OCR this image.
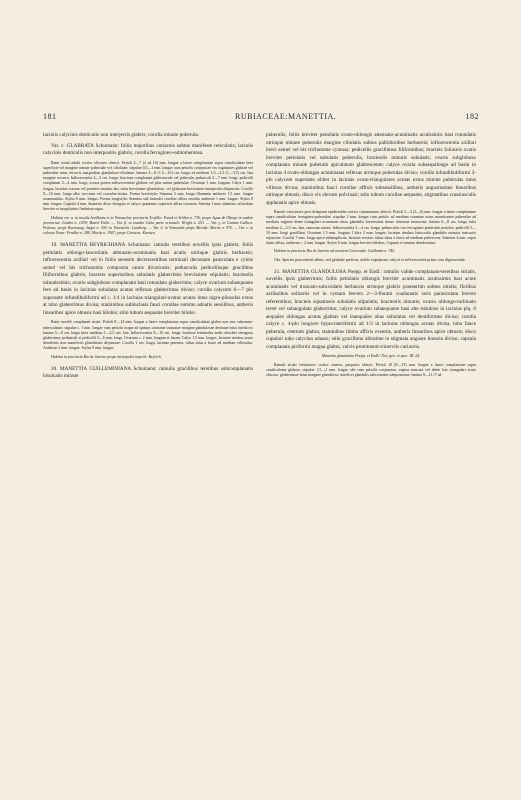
181	RUBIACEAE: MANETTIA.	182

laciniis calycinis denticulis non interjectis glabris; corolla minute puberula.

Var. ε. GLABRATA Schumann: foliis majoribus coriaceis subtus manifeste reticulatis; laciniis calycinis denticulis non interpositis glabris; corolla ferrugineo-subtomentosa.

Rami striati adulti cortice olivaceo obtecti. Petioli 4—7 (2 ad 10) mm. longae a latere complanatae supra canaliculatae beta superficie vel margine minute puberulae vel ciliolatae; stipulae 0,5—1 mm. longae cum petiolis conjunctae vix vaginantes glabrae vel puberulae intus verrucis marginibus glandulose-ciliolatae; lamina 4—8 (1,5—10) cm. longa ad medium 1,5—2,5 (1—3,5) cm. lata margine recurva. Inflorescentia 2—3 cm. longa; bracteae complanata glabriuscula vel puberula; pedunculi 3—7 mm. longi, pedicelli complanati 3—4 mm. longi; ocrasa postea inflorescentiae glabrae vel plus minus puberulae. Ovarium 1 mm. longum. Calyx 1 mm. longus, laciniae crassae vel potentes sinubus lati, intus brevissime glanduloso, vel glabratus brevissime interpositis disjunctae. Corolla 8—10 mm. longa albo coccinea vel coerulea-striata. Forma brevistyla: Stamina 2 mm. longa filamenta antherae 1,5 mm. longae acuminatilus. Stylus 6 mm. longus. Forma longistyla: Stamina sub lacinulis corollae affixa sessilia, antherae 1 mm. longae. Stylus 8 mm. longus. Capsula 4 mm. diametro disco elongato et calyce quadrante superiori affixa coronata. Semina 1 mm. diametro orbiculata breviter et irregulariter fimbriata nigra.

Habitat var. α. in insulis Antillanis et in Venezuelae provinciis Trujillo: Funck et Schlim n. 736; prope Agua de Obispo in cadem provinciae: Linden n. 1439; Barret Fallo. — Var. β. in insulae Cuba parte orientali: Wright n. 253. — Var. γ. in Guiana Gallica: Poiteau; prope Kuruoung: Sagot n. 300; in Venezuela: Lansberg. — Var. δ. in Venezuela prope Merida: Moritz n. 976. — Var. ε. in colonia Tovar: Fendler n. 289, Moritz n. 1907; prope Caracas: Karsten.

19. MANETTIA BEYRICHIANA Schumann: ramulis teretibus novellis ipsis glabris; foliis petiolatis oblongo-lanceolatis attenuato-acuminatis basi acutis utrinque glabris herbaceis; inflorescentia axillari vel in foliis senssim decrescentibus terminali decussato paniculata e cymis semel vel bis trichotomis composita ramis divaricatis; pedunculis pedicellisque gracilibus filiformibus glabris; bracteis superioribus subulatis glaberrimis brevissime stipulatis; bracteolis minutissimis; ovario subgloboso complanato basi rotundato glaberrimo; calyce ovarium subaequante fere ad basin in lacinias subulatas acutas reflexas glaberrimas diviso; corolla calycem 6—7 plo superante infundibuliformi ad c. 1/4 in lacinias triangulari-ovatas acutas intus nigro-pilosulas extus at tubo glaberrimus divisa; staminibus subinclusis fauci corollae summo adnatis sessilibus, antheris linearibus apice obtusis basi bilobis; stilo tubum aequante breviter bilobo.

Rami novelli complanati striati. Petioli 8—14 mm. longae a latere complanatae supra canaliculatae glabre non raro subcanna-tuberculatae; stipulae c. 1 mm. longae cum petiolis usque ad spinsas connatae truncatae margine glandulosae dentatae intus interlicet; lamina 5—8 cm. longa infra medium 1—2,5 cm. lata. Inflorescentia 8—15 cm. longa; bracteae terminales nodis obsolete tetragona glaberrima; pedunculi et pedicelli 3—6 mm. longi. Ovarium c. 2 mm. longum et latum. Calyx 1,5 mm. longus, laciniae sinubus acute dentiferiis non manifestis glandulosis disjunctae. Corolla 1 cm. longa, laciniae patentes, tubus intus a fauce ad medium villosulus. Antherae 2 mm. longae. Stylus 9 mm. longus.

Habitat in provincia Rio de Janeiro prope metropolin imperii: Beyrich.

20. MANETTIA GUILLEMINIANA Schumann: ramulis gracilibus teretibus subcomplanatis bisulcatis minute

puberulis; foliis breviter petiolatis ovato-oblongis attenuato-acuminatis acutissimis basi rotundatis utrinque minute puberulis margine ciliolatis subtus pallidioribus herbaceis; inflorescentia axillari brevi semel vel bis trichotome cymosa; pedicellis gracillimus filiformibus; bracteis foliaceis ovatis breviter petiolatis vel subulatis puberulis, bracteolis minutis subulatis; ovario subgloboso complanato minute puberulo apiculatum glabrescente; calyce ovario subaequilongo ad basin in lacinias 4 ovato-oblongas acuminatas reflexas utrinque puberulas diviso; corolla infundibuliformi 3-plo calycem superante obiter in lacinias ovato-triangulares acutas extus minute puberulas intus villosas divisa; staminibus fauci corollae affixis subsessilibus, antheris angustissime linearibus utrinque obtusis; disco vix elevato pulvinari; stilo tubum corollae aequante, stigmatibus crassiusculis applanatis apice obtusis.

Ramuli vetustiores post delapsum epidermidis cortice cinnamomeo obtecti. Petioli 3—4 (2—6) mm. longae a latere complanatae supra canaliculatae ferrugineo-puberulae; stipulae 2 mm. longae cum petiolo ad medium connatae extus minutissime puberulae ad medium vaginae dente triangulari acuminato intus glandulis brevissimis dense obsessae instructae; lamina 6—8 cm. longa infra medium 2—3,5 cm. lata, ramorum minor. Inflorescentia 3—4 cm. longa; pedunculus tres ferrugineo-puberulae petiolae; pedicelli 5—10 mm. longi gracillimi. Ovarium 1,5 mm. longum. Calyx 2 mm. longus; laciniae sinubus latiusculis glandulis minutis instructis sejunctae. Corolla 7 mm. longa apice submuplicata, laciniae erectae, tubus intus a fauce ad medium pubescens. Stamina 4 mm. supra basin affixa, antherae c. 2 mm. longae. Stylus 6 mm. longus breviter bilobus. Capsula et semina desiderantur.

Habitat in provincia Rio de Janeiro ad montem Corcovado: Guillemin n. 740.

Obs. Species praecedenti affinis, sed glabritie perfecta, indole stipularum, calycis et inflorescentia primo visu dignoscenda.

21. MANETTIA GLANDULOSA Poepp. et Endl.: ramulis valide complanato-teretibus striatis, novellis ipsis glaberrimis; foliis petiolatis oblongis breviter acuminatis acutissimis basi acute acuminatis vel truncato-subcordatis herbaceis utrinque glabris praesertim subtus nitidis; floribus axillaribus solitariis vel in cymam breven 2—3-floram coadunatis raris panniculam breven referentibus; bracteis squamosis subulatis stipulatis; bracteolis minutis; ovario oblongo-turbinato tereti vel subangulato glaberrimo; calyce ovarium subaequante basi alte tubuloso in lacinias plq. 8 aequales oblongas acutas glabras vel inaequales alias subulatas vel dentiformes diviso; corolla calyce c. 4-plo longiore hypocrateriformi ad 1/3 in lacinias oblongas acutas divisa, tubo fauce puberula, ceterum glabra; staminibus limbo affixis exsertis, antheris linearibus apice obtusis; disco cupulari tubo calycino adnato; stilo gracillimo altissime in stigmata anguste linearia diviso; capsula complanato piriformi magna glabra, valvis prominenti-trinerviis coriaceis.

Manettia glandulosa Poepp. et Endl.! Nov. gen. et spec. III. 24.

Ramuli striati vetustiores cortice cinereo, purpureo obtecti. Petioli 10 (8—15) mm. longae a latere complanatae supra canaliculatae glabrae; stipulae 1,5—2 mm. longae alte cum petiolis conjunctae, vagina truncata vel dente lato triangulari acuto obscura, glaberrimae intus margine glanduloso interlicet glandulis subconnatis subpromotae; lamina 9—11 (7 ad
